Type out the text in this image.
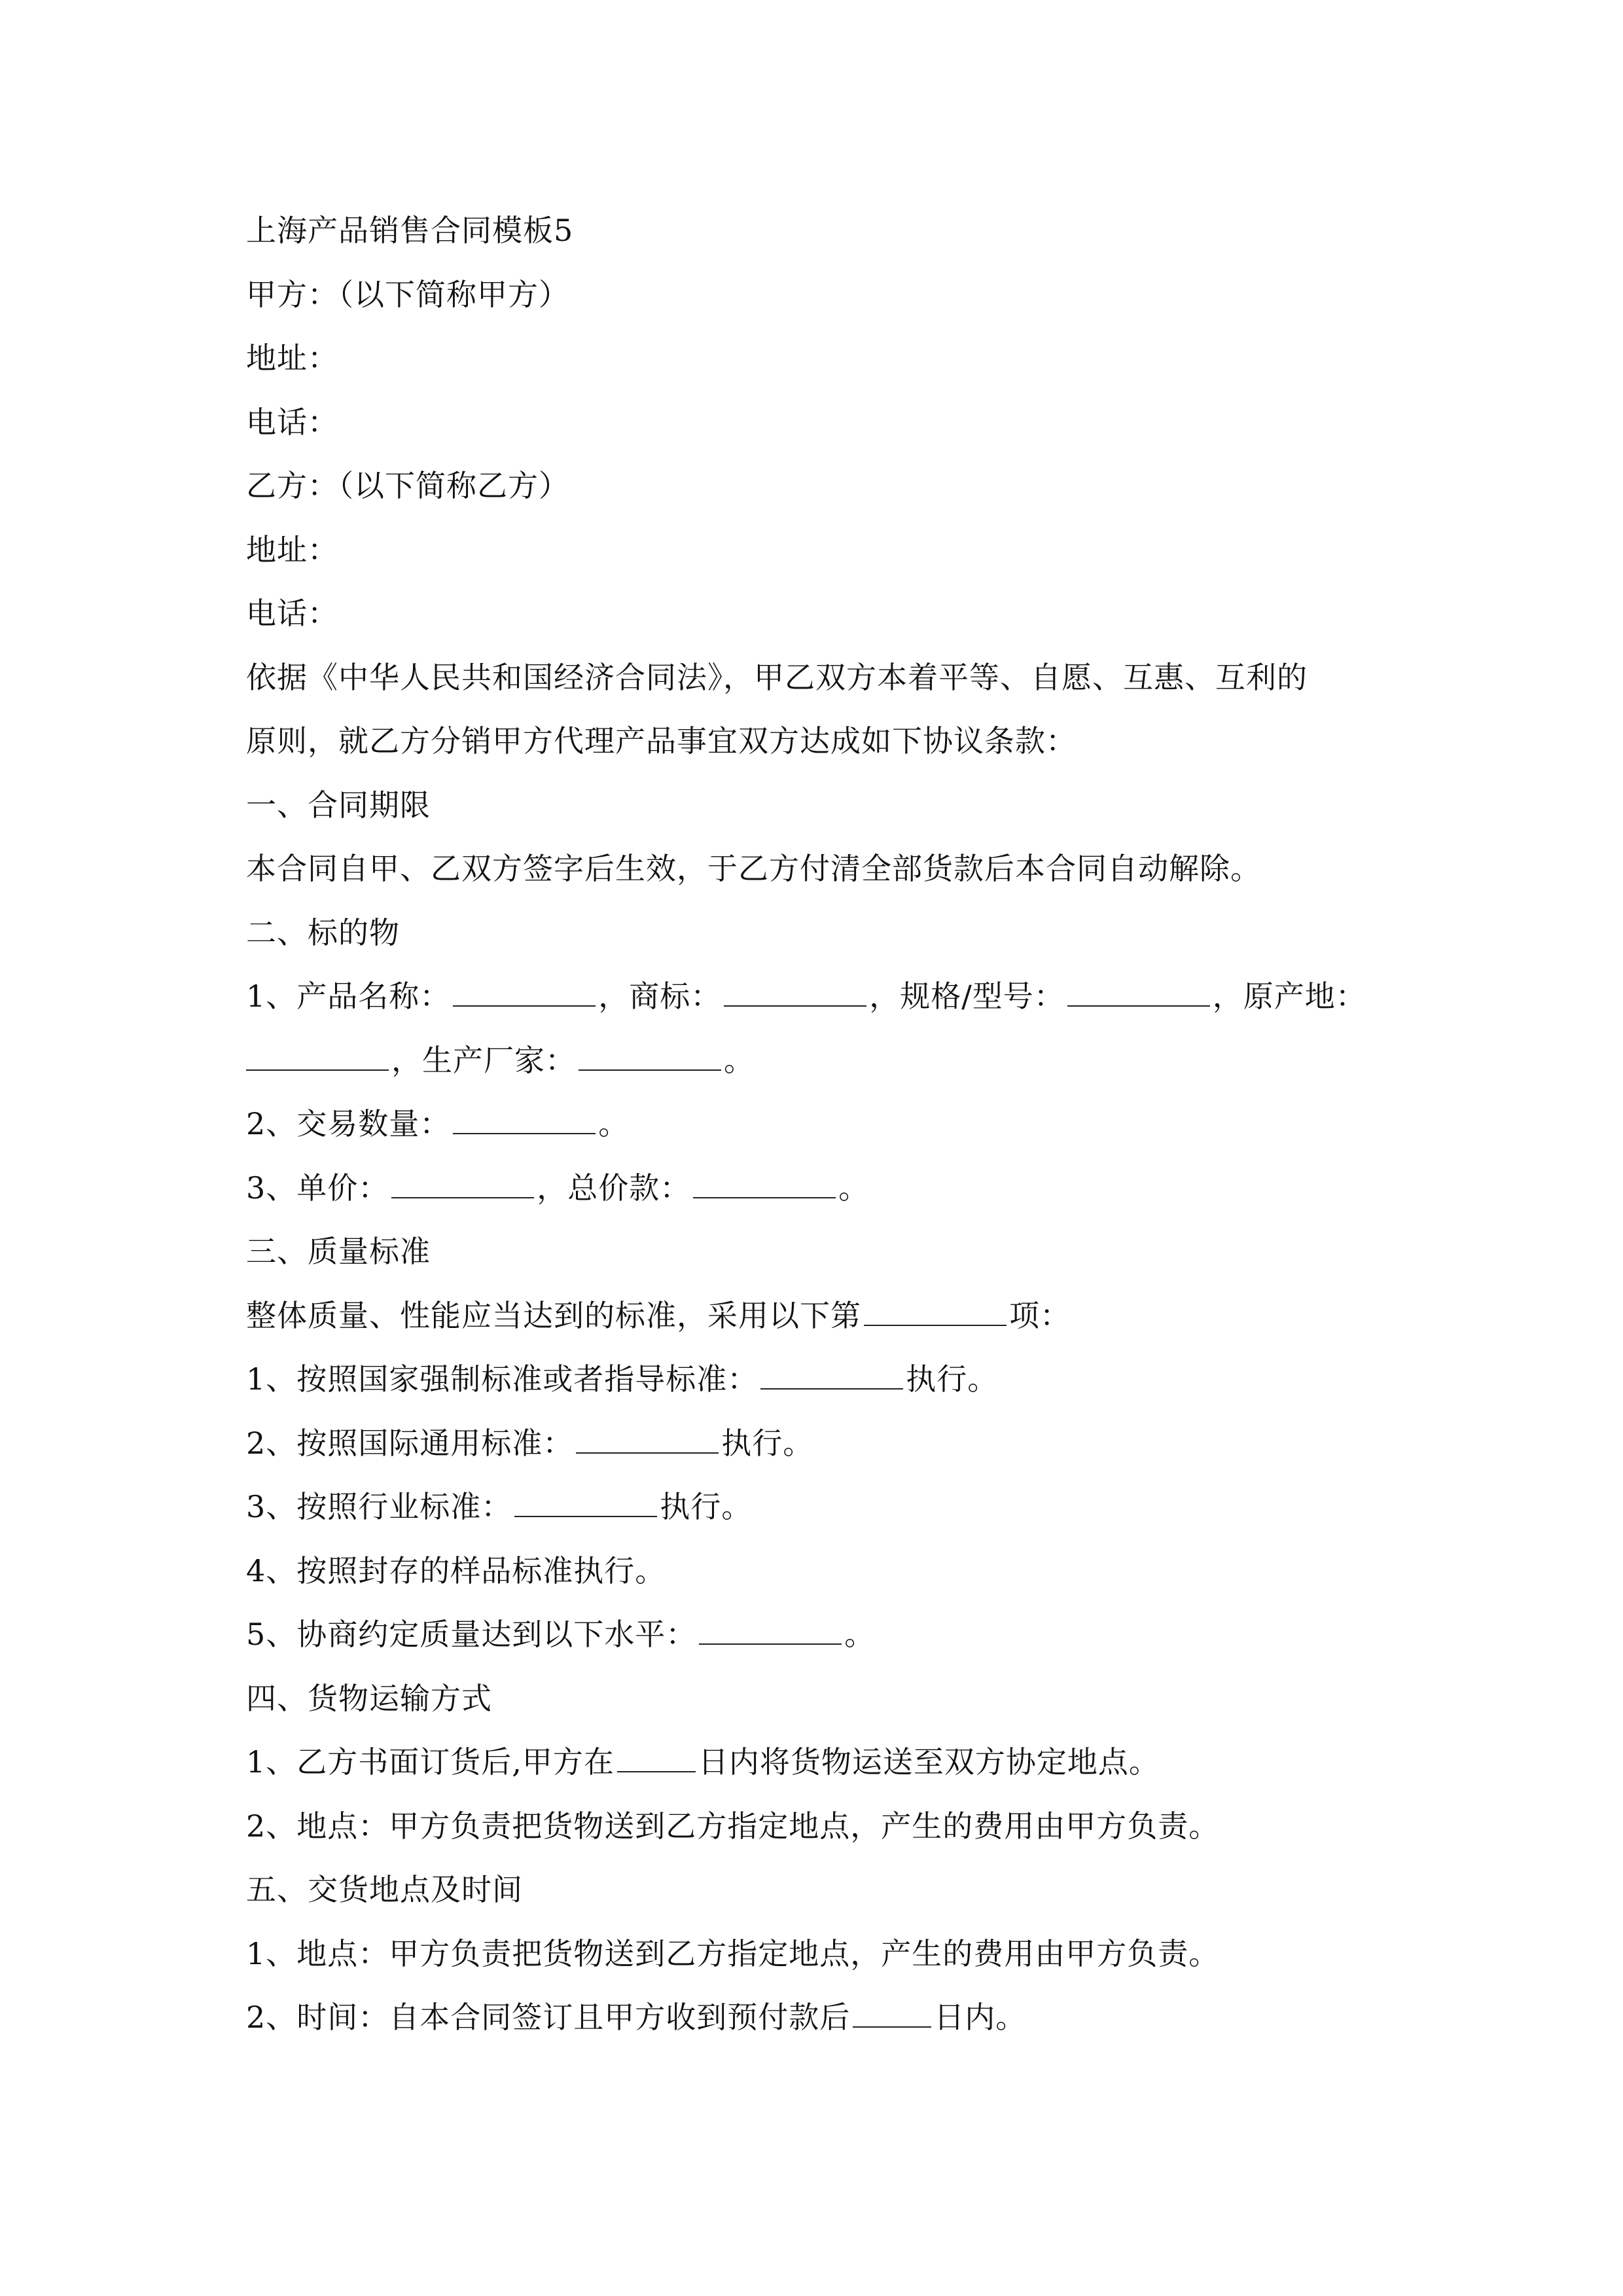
上海产品销售合同模板5
甲方：（以下简称甲方）
地址：
电话：
乙方：（以下简称乙方）
地址：
电话：
依据《中华人民共和国经济合同法》，甲乙双方本着平等、自愿、互惠、互利的
原则，就乙方分销甲方代理产品事宜双方达成如下协议条款：
一、合同期限
本合同自甲、乙双方签字后生效，于乙方付清全部货款后本合同自动解除。
二、标的物
1、产品名称：	，商标：	，规格/型号：	，原产地：
，生产厂家：	。
2、交易数量：	。
3、单价：	，总价款：	。
三、质量标准
整体质量、性能应当达到的标准，采用以下第	项：
1、按照国家强制标准或者指导标准：	执行。
2、按照国际通用标准：	执行。
3、按照行业标准：	执行。
4、按照封存的样品标准执行。
5、协商约定质量达到以下水平：	。
四、货物运输方式
1、乙方书面订货后,甲方在	日内将货物运送至双方协定地点。
2、地点：甲方负责把货物送到乙方指定地点，产生的费用由甲方负责。
五、交货地点及时间
1、地点：甲方负责把货物送到乙方指定地点，产生的费用由甲方负责。
2、时间：自本合同签订且甲方收到预付款后	日内。
